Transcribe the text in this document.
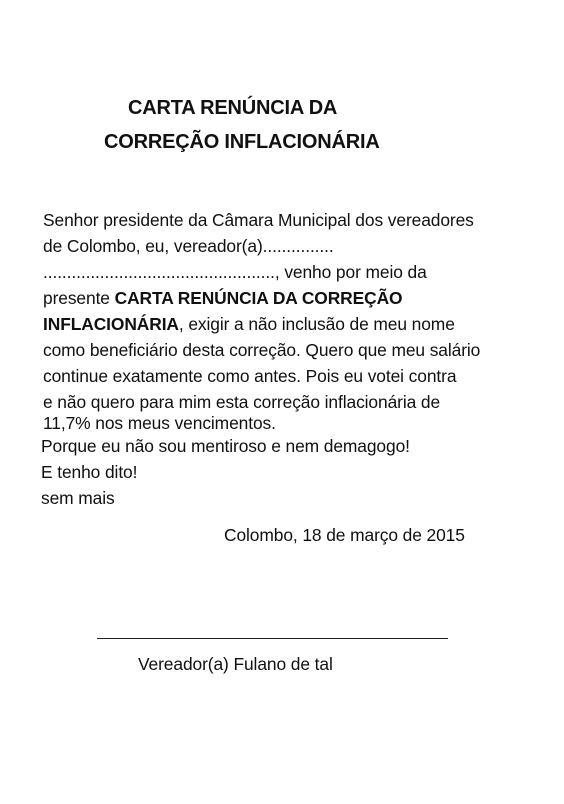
CARTA RENÚNCIA DA
CORREÇÃO INFLACIONÁRIA
Senhor presidente da Câmara Municipal dos vereadores
de Colombo, eu, vereador(a)...............
................................................., venho por meio da
presente CARTA RENÚNCIA DA CORREÇÃO
INFLACIONÁRIA, exigir a não inclusão de meu nome
como beneficiário desta correção. Quero que meu salário
continue exatamente como antes. Pois eu votei contra
e não quero para mim esta correção inflacionária de
11,7% nos meus vencimentos.
Porque eu não sou mentiroso e nem demagogo!
E tenho dito!
sem mais
Colombo, 18 de março de 2015
Vereador(a) Fulano de tal
